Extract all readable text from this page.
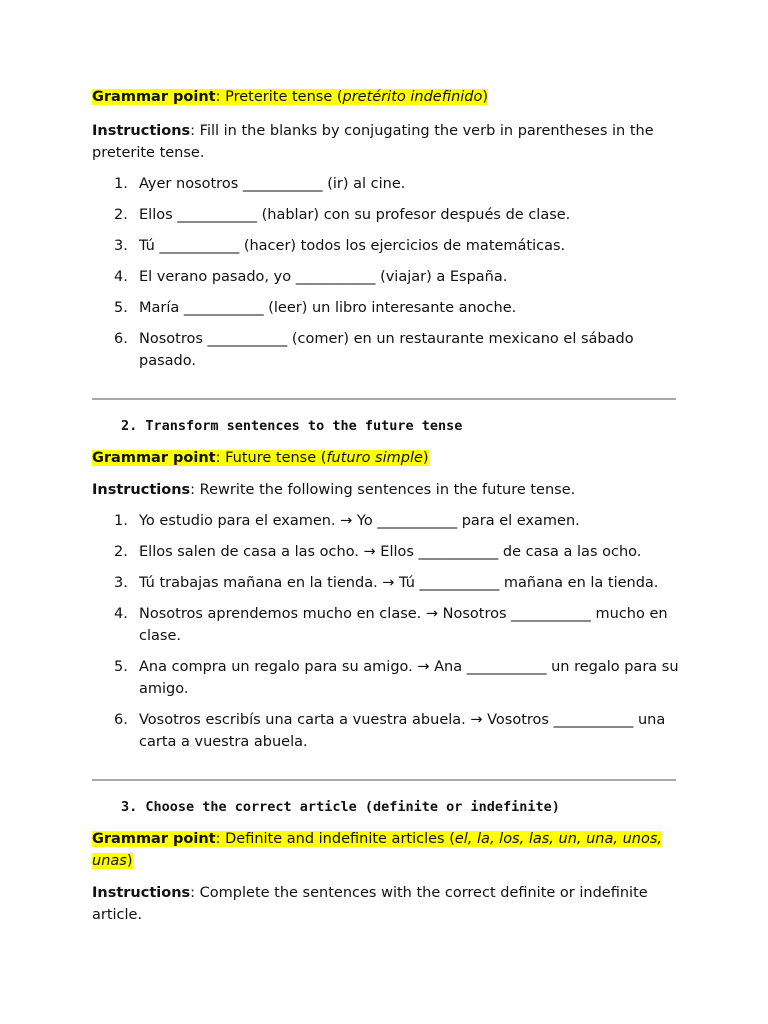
Grammar point: Preterite tense (pretérito indefinido)

Instructions: Fill in the blanks by conjugating the verb in parentheses in the preterite tense.

1. Ayer nosotros ___________ (ir) al cine.
2. Ellos ___________ (hablar) con su profesor después de clase.
3. Tú ___________ (hacer) todos los ejercicios de matemáticas.
4. El verano pasado, yo ___________ (viajar) a España.
5. María ___________ (leer) un libro interesante anoche.
6. Nosotros ___________ (comer) en un restaurante mexicano el sábado pasado.

2. Transform sentences to the future tense

Grammar point: Future tense (futuro simple)

Instructions: Rewrite the following sentences in the future tense.

1. Yo estudio para el examen. → Yo ___________ para el examen.
2. Ellos salen de casa a las ocho. → Ellos ___________ de casa a las ocho.
3. Tú trabajas mañana en la tienda. → Tú ___________ mañana en la tienda.
4. Nosotros aprendemos mucho en clase. → Nosotros ___________ mucho en clase.
5. Ana compra un regalo para su amigo. → Ana ___________ un regalo para su amigo.
6. Vosotros escribís una carta a vuestra abuela. → Vosotros ___________ una carta a vuestra abuela.

3. Choose the correct article (definite or indefinite)

Grammar point: Definite and indefinite articles (el, la, los, las, un, una, unos, unas)

Instructions: Complete the sentences with the correct definite or indefinite article.
